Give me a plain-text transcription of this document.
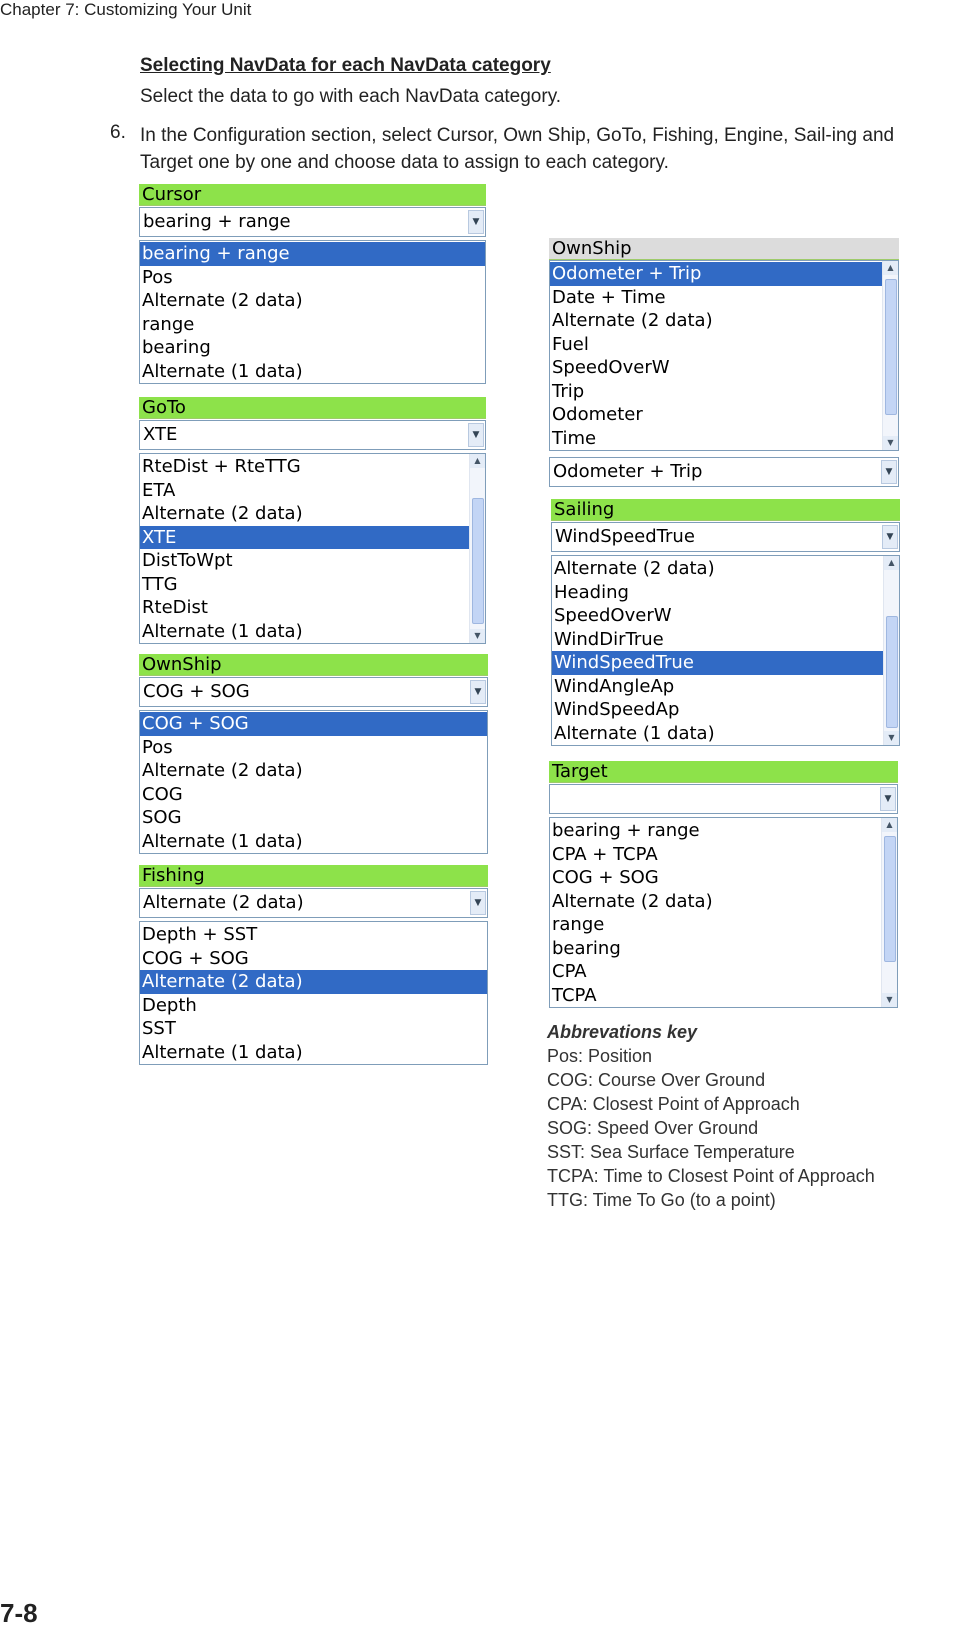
Chapter 7: Customizing Your Unit
Selecting NavData for each NavData category
Select the data to go with each NavData category.
6. In the Configuration section, select Cursor, Own Ship, GoTo, Fishing, Engine, Sail-ing and Target one by one and choose data to assign to each category.
Cursor
bearing + range	▼
bearing + range
Pos
Alternate (2 data)
range
bearing
Alternate (1 data)
GoTo
XTE	▼
RteDist + RteTTG
ETA
Alternate (2 data)
XTE
DistToWpt
TTG
RteDist
Alternate (1 data)
▲
▼
OwnShip
COG + SOG	▼
COG + SOG
Pos
Alternate (2 data)
COG
SOG
Alternate (1 data)
Fishing
Alternate (2 data)	▼
Depth + SST
COG + SOG
Alternate (2 data)
Depth
SST
Alternate (1 data)
OwnShip
Odometer + Trip
Date + Time
Alternate (2 data)
Fuel
SpeedOverW
Trip
Odometer
Time
▲
▼
Odometer + Trip	▼
Sailing
WindSpeedTrue	▼
Alternate (2 data)
Heading
SpeedOverW
WindDirTrue
WindSpeedTrue
WindAngleAp
WindSpeedAp
Alternate (1 data)
▲
▼
Target
▼
bearing + range
CPA + TCPA
COG + SOG
Alternate (2 data)
range
bearing
CPA
TCPA
▲
▼
Abbrevations key
Pos: Position
COG: Course Over Ground
CPA: Closest Point of Approach
SOG: Speed Over Ground
SST: Sea Surface Temperature
TCPA: Time to Closest Point of Approach
TTG: Time To Go (to a point)
7-8
